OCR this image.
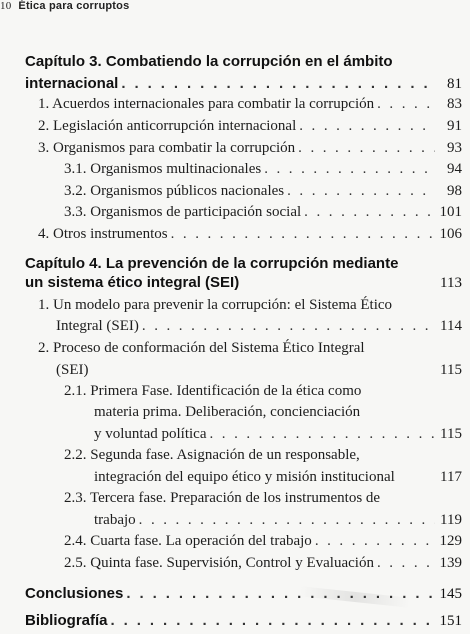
10 Ética para corruptos
Capítulo 3. Combatiendo la corrupción en el ámbito
internacional . . .	81
1. Acuerdos internacionales para combatir la corrupción . . .	83
2. Legislación anticorrupción internacional . . .	91
3. Organismos para combatir la corrupción . . .	93
3.1. Organismos multinacionales . . .	94
3.2. Organismos públicos nacionales . . .	98
3.3. Organismos de participación social . . .	101
4. Otros instrumentos . . .	106
Capítulo 4. La prevención de la corrupción mediante
un sistema ético integral (SEI)	113
1. Un modelo para prevenir la corrupción: el Sistema Ético
Integral (SEI) . . .	114
2. Proceso de conformación del Sistema Ético Integral
(SEI)	115
2.1. Primera Fase. Identificación de la ética como
materia prima. Deliberación, concienciación
y voluntad política . . .	115
2.2. Segunda fase. Asignación de un responsable,
integración del equipo ético y misión institucional	117
2.3. Tercera fase. Preparación de los instrumentos de
trabajo . . .	119
2.4. Cuarta fase. La operación del trabajo . . .	129
2.5. Quinta fase. Supervisión, Control y Evaluación . . .	139
Conclusiones . . .	145
Bibliografía . . .	151
